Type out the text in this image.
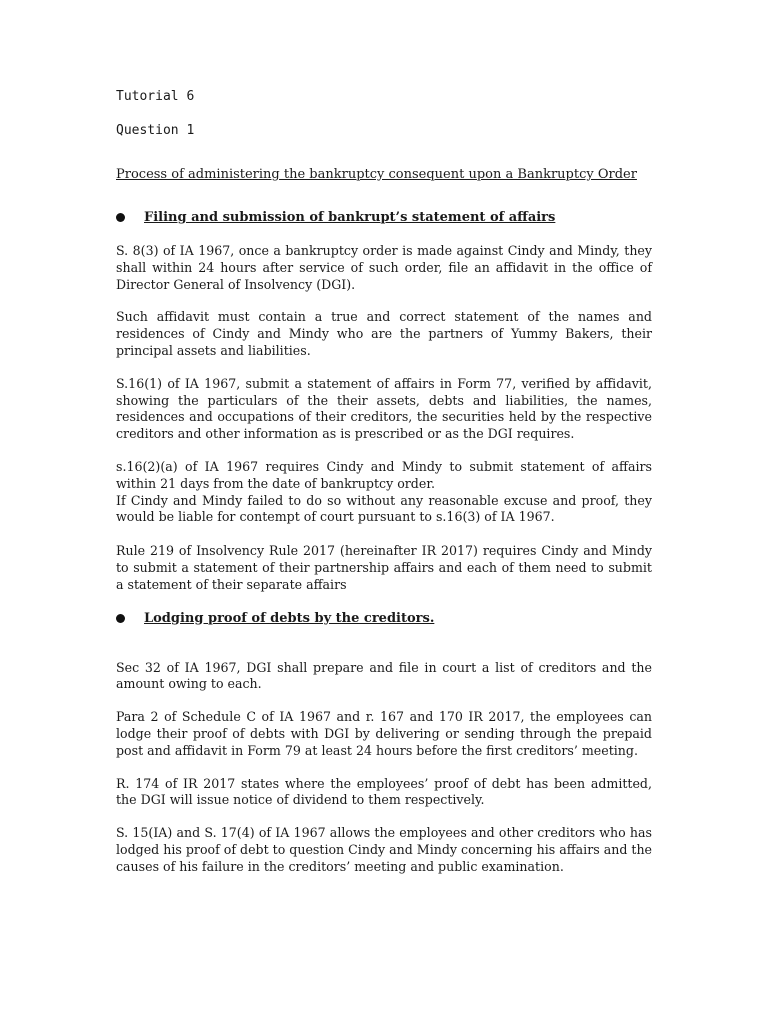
Tutorial 6

Question 1

Process of administering the bankruptcy consequent upon a Bankruptcy Order

Filing and submission of bankrupt’s statement of affairs

S. 8(3) of IA 1967, once a bankruptcy order is made against Cindy and Mindy, they shall within 24 hours after service of such order, file an affidavit in the office of Director General of Insolvency (DGI).

Such affidavit must contain a true and correct statement of the names and residences of Cindy and Mindy who are the partners of Yummy Bakers, their principal assets and liabilities.

S.16(1) of IA 1967, submit a statement of affairs in Form 77, verified by affidavit, showing the particulars of the their assets, debts and liabilities, the names, residences and occupations of their creditors, the securities held by the respective creditors and other information as is prescribed or as the DGI requires.

s.16(2)(a) of IA 1967 requires Cindy and Mindy to submit statement of affairs within 21 days from the date of bankruptcy order.

If Cindy and Mindy failed to do so without any reasonable excuse and proof, they would be liable for contempt of court pursuant to s.16(3) of IA 1967.

Rule 219 of Insolvency Rule 2017 (hereinafter IR 2017) requires Cindy and Mindy to submit a statement of their partnership affairs and each of them need to submit a statement of their separate affairs

Lodging proof of debts by the creditors.

Sec 32 of IA 1967, DGI shall prepare and file in court a list of creditors and the amount owing to each.

Para 2 of Schedule C of IA 1967 and r. 167 and 170 IR 2017, the employees can lodge their proof of debts with DGI by delivering or sending through the prepaid post and affidavit in Form 79 at least 24 hours before the first creditors’ meeting.

R. 174 of IR 2017 states where the employees’ proof of debt has been admitted, the DGI will issue notice of dividend to them respectively.

S. 15(IA) and S. 17(4) of IA 1967 allows the employees and other creditors who has lodged his proof of debt to question Cindy and Mindy concerning his affairs and the causes of his failure in the creditors’ meeting and public examination.
